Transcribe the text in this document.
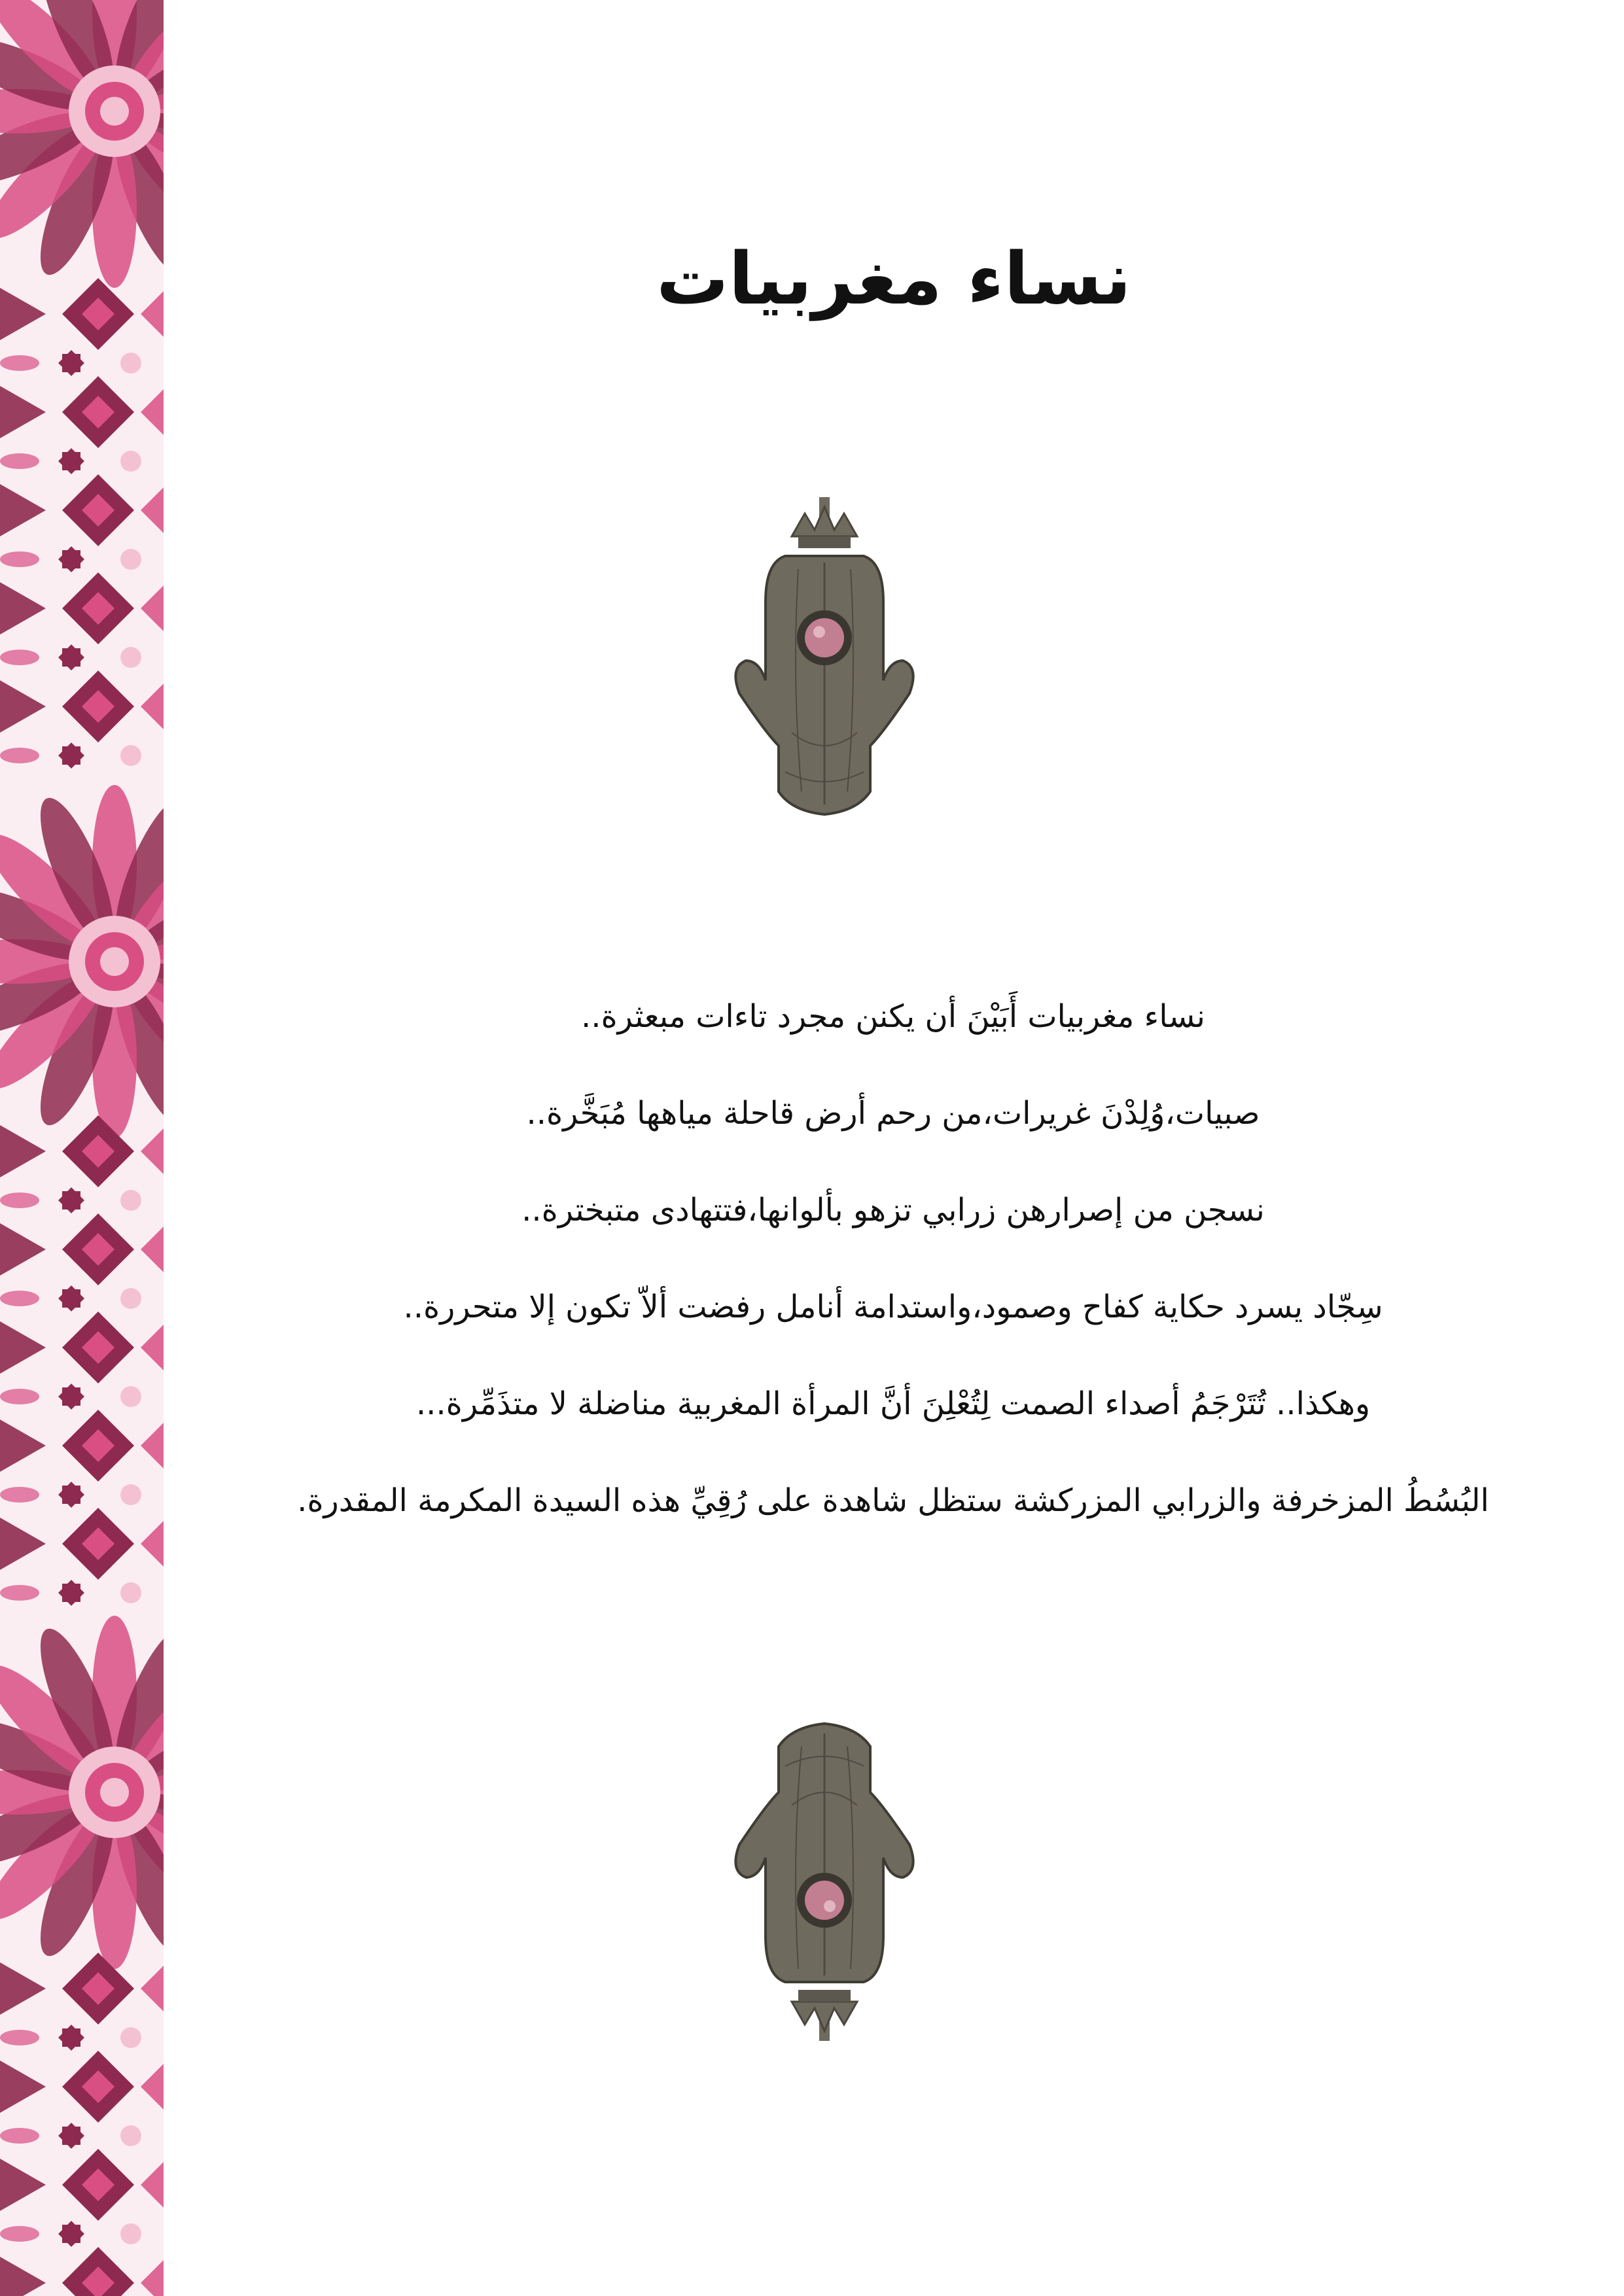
نساء مغربيات
نساء مغربيات أَبَيْنَ أن يكنن مجرد تاءات مبعثرة..
صبيات،وُلِدْنَ غريرات،من رحم أرض قاحلة مياهها مُبَخَّرة..
نسجن من إصرارهن زرابي تزهو بألوانها،فتتهادى متبخترة..
سِجّاد يسرد حكاية كفاح وصمود،واستدامة أنامل رفضت ألاّ تكون إلا متحررة..
وهكذا.. تُتَرْجَمُ أصداء الصمت لِتُعْلِنَ أنَّ المرأة المغربية مناضلة لا متذَمِّرة...
البُسُطُ المزخرفة والزرابي المزركشة ستظل شاهدة على رُقِيِّ هذه السيدة المكرمة المقدرة.
